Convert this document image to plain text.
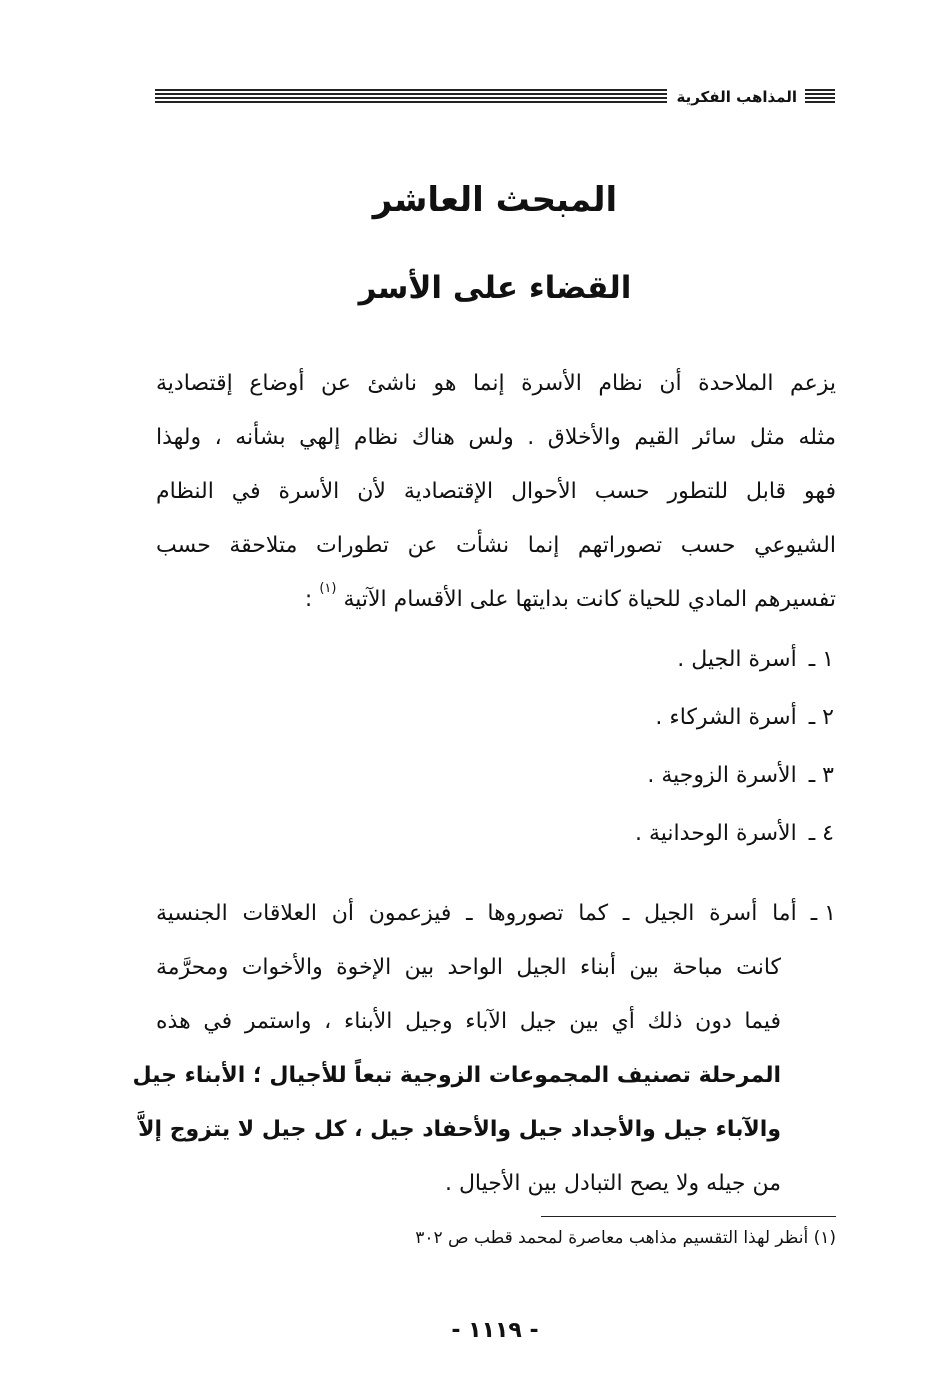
المذاهب الفكرية
المبحث العاشر
القضاء على الأسر
يزعم الملاحدة أن نظام الأسرة إنما هو ناشئ عن أوضاع إقتصادية
مثله مثل سائر القيم والأخلاق . ولس هناك نظام إلهي بشأنه ، ولهذا
فهو قابل للتطور حسب الأحوال الإقتصادية لأن الأسرة في النظام
الشيوعي حسب تصوراتهم إنما نشأت عن تطورات متلاحقة حسب
تفسيرهم المادي للحياة كانت بدايتها على الأقسام الآتية $^{(١)}$ :
١ ـأسرة الجيل .
٢ ـأسرة الشركاء .
٣ ـالأسرة الزوجية .
٤ ـالأسرة الوحدانية .
١ ـأما أسرة الجيل ـ كما تصوروها ـ فيزعمون أن العلاقات الجنسية
كانت مباحة بين أبناء الجيل الواحد بين الإخوة والأخوات ومحرَّمة
فيما دون ذلك أي بين جيل الآباء وجيل الأبناء ، واستمر في هذه
المرحلة تصنيف المجموعات الزوجية تبعاً للأجيال ؛ الأبناء جيل
والآباء جيل والأجداد جيل والأحفاد جيل ، كل جيل لا يتزوج إلاَّ
من جيله ولا يصح التبادل بين الأجيال .
(١) أنظر لهذا التقسيم مذاهب معاصرة لمحمد قطب ص ٣٠٢
- ١١١٩ -
